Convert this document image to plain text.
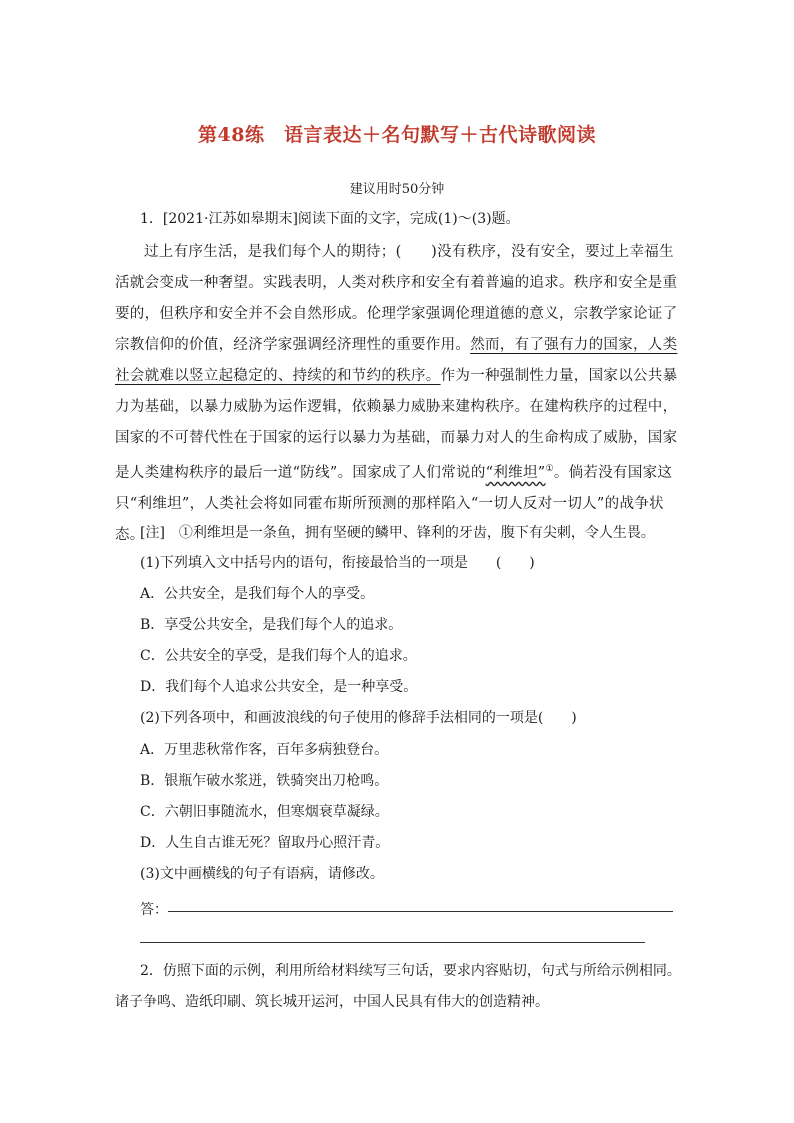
第48练　语言表达＋名句默写＋古代诗歌阅读
建议用时50分钟
1．[2021·江苏如皋期末]阅读下面的文字，完成(1)～(3)题。
过上有序生活，是我们每个人的期待；(　　)没有秩序，没有安全，要过上幸福生活就会变成一种奢望。实践表明，人类对秩序和安全有着普遍的追求。秩序和安全是重要的，但秩序和安全并不会自然形成。伦理学家强调伦理道德的意义，宗教学家论证了宗教信仰的价值，经济学家强调经济理性的重要作用。然而，有了强有力的国家，人类社会就难以竖立起稳定的、持续的和节约的秩序。作为一种强制性力量，国家以公共暴力为基础，以暴力威胁为运作逻辑，依赖暴力威胁来建构秩序。在建构秩序的过程中，国家的不可替代性在于国家的运行以暴力为基础，而暴力对人的生命构成了威胁，国家是人类建构秩序的最后一道“防线”。国家成了人们常说的“利维坦”①。倘若没有国家这只“利维坦”，人类社会将如同霍布斯所预测的那样陷入“一切人反对一切人”的战争状态。
[注]　①利维坦是一条鱼，拥有坚硬的鳞甲、锋利的牙齿，腹下有尖刺，令人生畏。
(1)下列填入文中括号内的语句，衔接最恰当的一项是　　(　　)
A．公共安全，是我们每个人的享受。
B．享受公共安全，是我们每个人的追求。
C．公共安全的享受，是我们每个人的追求。
D．我们每个人追求公共安全，是一种享受。
(2)下列各项中，和画波浪线的句子使用的修辞手法相同的一项是(　　)
A．万里悲秋常作客，百年多病独登台。
B．银瓶乍破水浆迸，铁骑突出刀枪鸣。
C．六朝旧事随流水，但寒烟衰草凝绿。
D．人生自古谁无死？留取丹心照汗青。
(3)文中画横线的句子有语病，请修改。
答：
2．仿照下面的示例，利用所给材料续写三句话，要求内容贴切，句式与所给示例相同。
诸子争鸣、造纸印刷、筑长城开运河，中国人民具有伟大的创造精神。
